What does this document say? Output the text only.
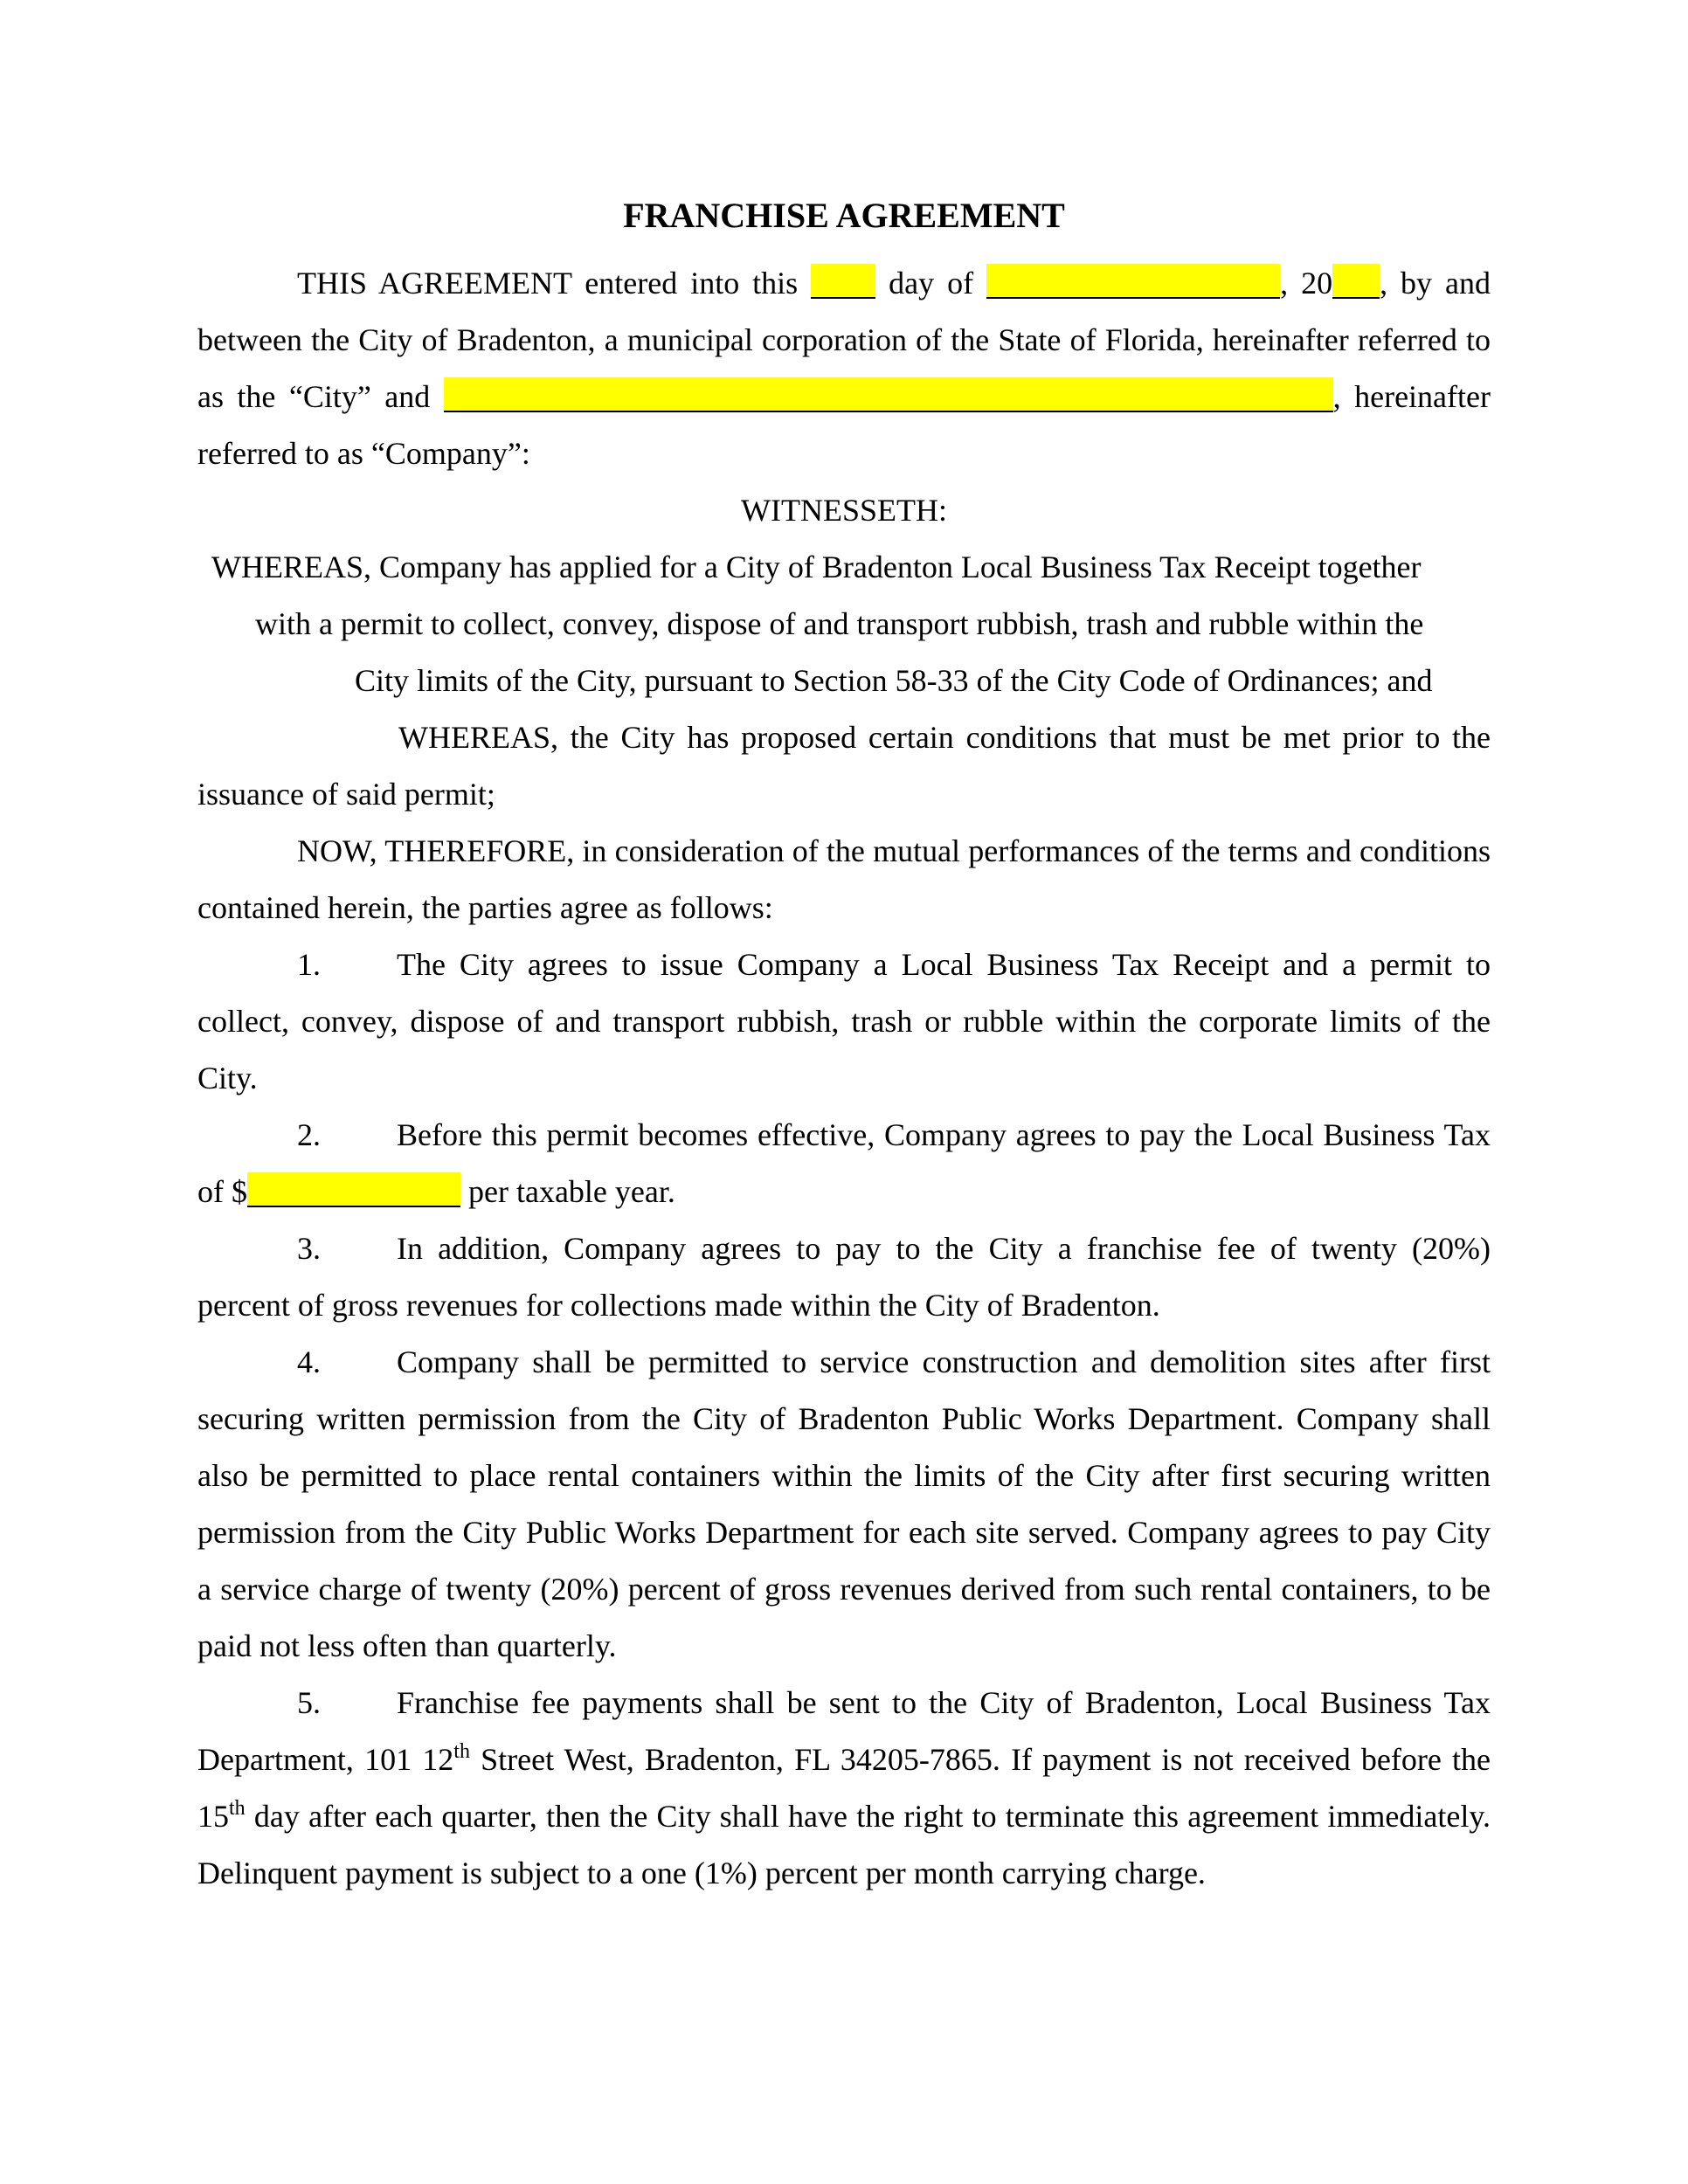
FRANCHISE AGREEMENT

THIS AGREEMENT entered into this  day of	, 20 , by and between the City of Bradenton, a municipal corporation of the State of Florida, hereinafter referred to as the “City” and	, hereinafter referred to as “Company”:

WITNESSETH:

WHEREAS, Company has applied for a City of Bradenton Local Business Tax Receipt together

with a permit to collect, convey, dispose of and transport rubbish, trash and rubble within the

City limits of the City, pursuant to Section 58-33 of the City Code of Ordinances; and

WHEREAS, the City has proposed certain conditions that must be met prior to the issuance of said permit;

NOW, THEREFORE, in consideration of the mutual performances of the terms and conditions contained herein, the parties agree as follows:

1. The City agrees to issue Company a Local Business Tax Receipt and a permit to collect, convey, dispose of and transport rubbish, trash or rubble within the corporate limits of the City.

2. Before this permit becomes effective, Company agrees to pay the Local Business Tax of $	per taxable year.

3. In addition, Company agrees to pay to the City a franchise fee of twenty (20%) percent of gross revenues for collections made within the City of Bradenton.

4. Company shall be permitted to service construction and demolition sites after first securing written permission from the City of Bradenton Public Works Department. Company shall also be permitted to place rental containers within the limits of the City after first securing written permission from the City Public Works Department for each site served. Company agrees to pay City a service charge of twenty (20%) percent of gross revenues derived from such rental containers, to be paid not less often than quarterly.

5. Franchise fee payments shall be sent to the City of Bradenton, Local Business Tax Department, 101 12th Street West, Bradenton, FL 34205-7865. If payment is not received before the 15th day after each quarter, then the City shall have the right to terminate this agreement immediately. Delinquent payment is subject to a one (1%) percent per month carrying charge.
